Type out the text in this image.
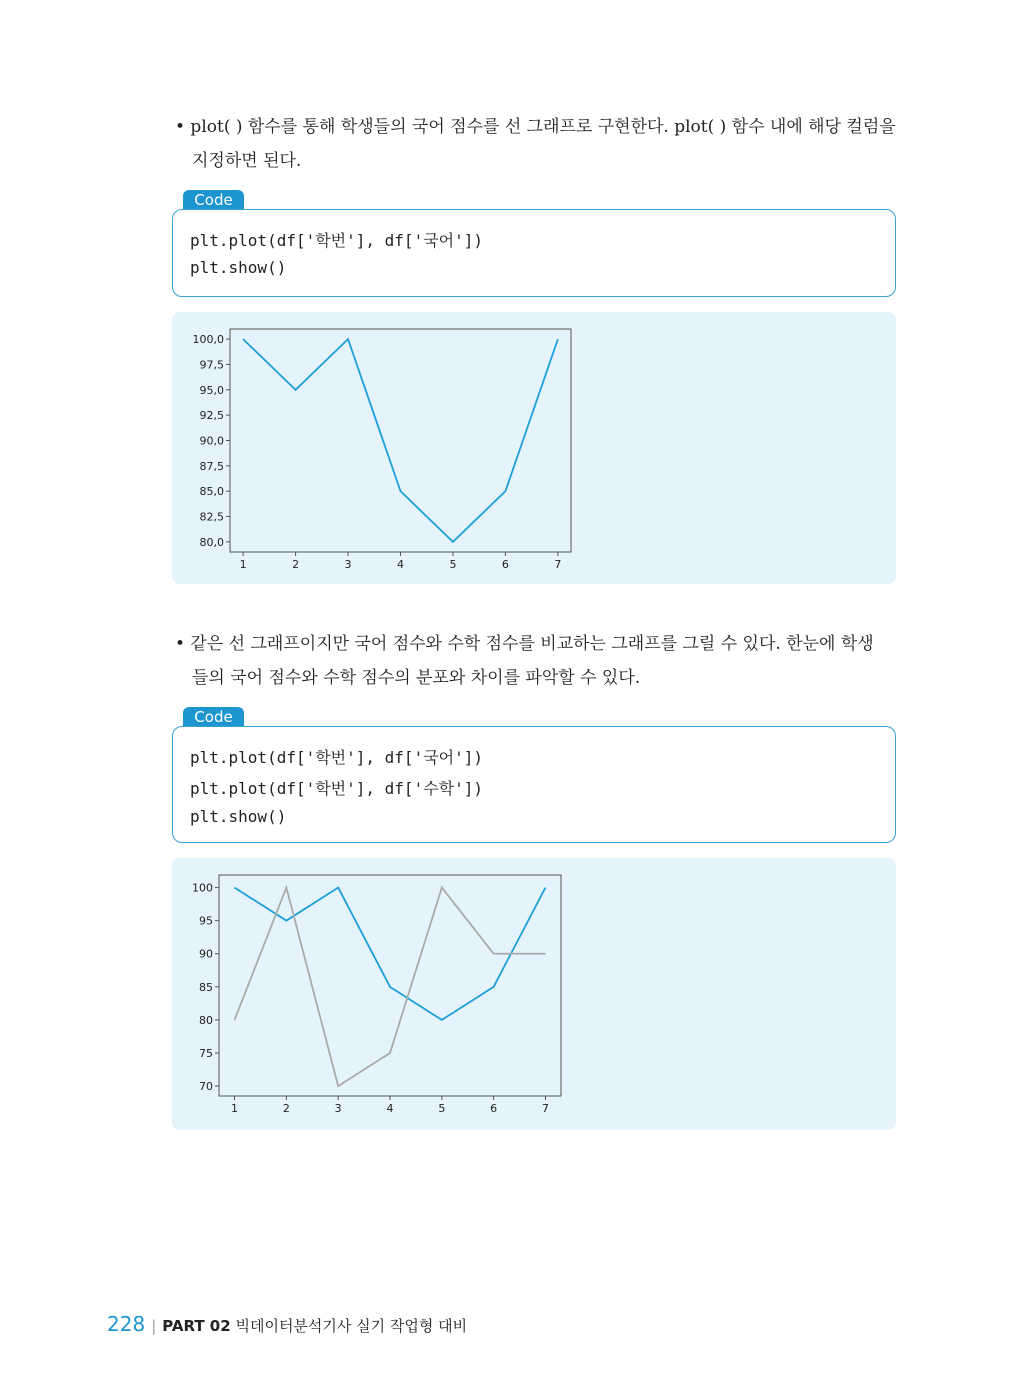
• plot( ) 함수를 통해 학생들의 국어 점수를 선 그래프로 구현한다. plot( ) 함수 내에 해당 컬럼을
지정하면 된다.
Code
plt.plot(df['학번'], df['국어'])
plt.show()
80,0
82,5
85,0
87,5
90,0
92,5
95,0
97,5
100,0
1	2	3	4	5	6	7
• 같은 선 그래프이지만 국어 점수와 수학 점수를 비교하는 그래프를 그릴 수 있다. 한눈에 학생
들의 국어 점수와 수학 점수의 분포와 차이를 파악할 수 있다.
Code
plt.plot(df['학번'], df['국어'])
plt.plot(df['학번'], df['수학'])
plt.show()
70
75
80
85
90
95
100
1	2	3	4	5	6	7
228 | PART 02 빅데이터분석기사 실기 작업형 대비
